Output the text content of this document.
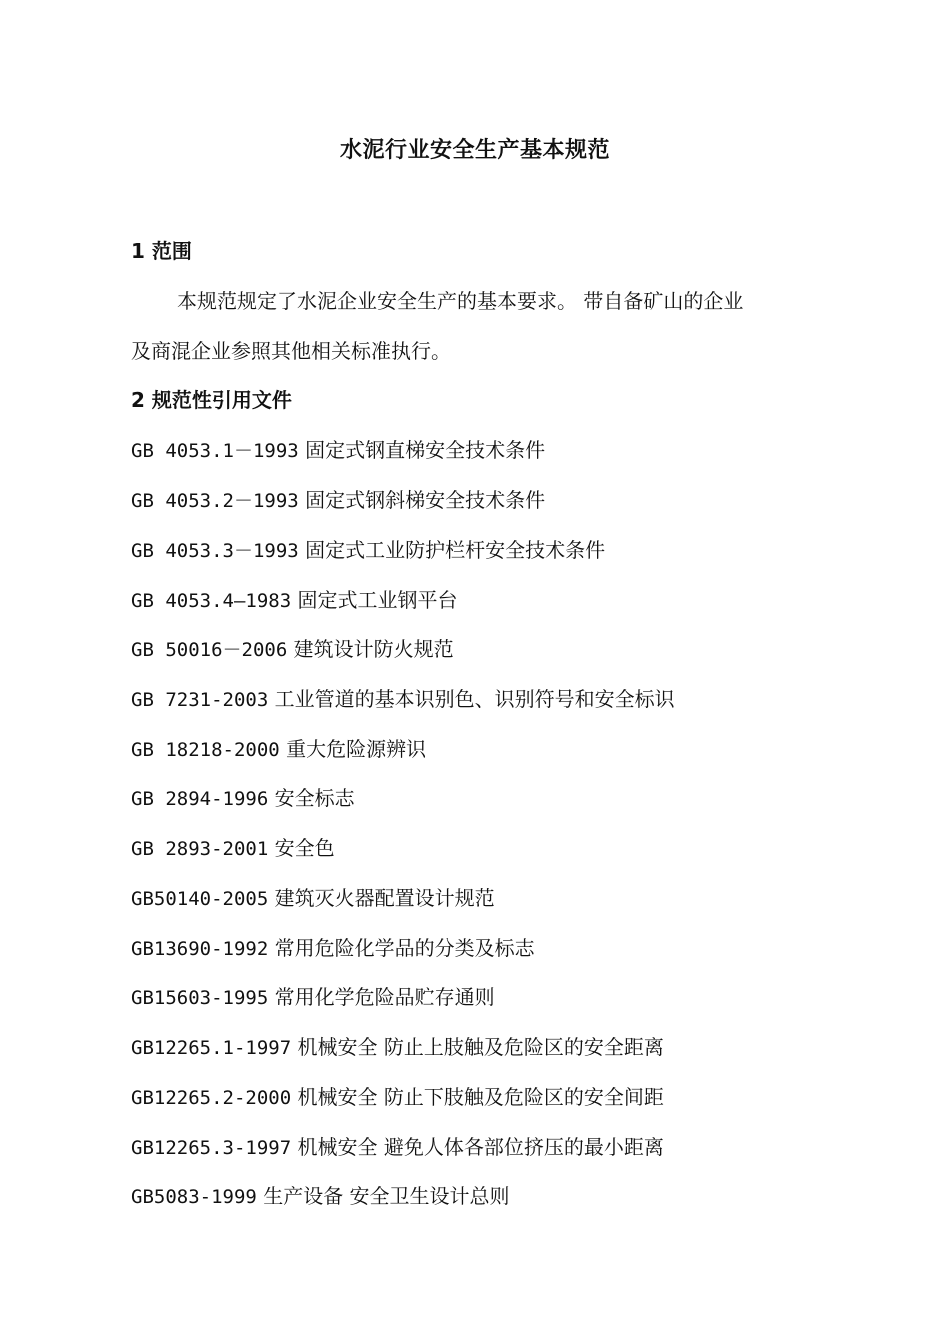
水泥行业安全生产基本规范
1 范围
本规范规定了水泥企业安全生产的基本要求。 带自备矿山的企业
及商混企业参照其他相关标准执行。
2 规范性引用文件
GB 4053.1－1993 固定式钢直梯安全技术条件
GB 4053.2－1993 固定式钢斜梯安全技术条件
GB 4053.3－1993 固定式工业防护栏杆安全技术条件
GB 4053.4—1983 固定式工业钢平台
GB 50016－2006 建筑设计防火规范
GB 7231-2003 工业管道的基本识别色、识别符号和安全标识
GB 18218-2000 重大危险源辨识
GB 2894-1996 安全标志
GB 2893-2001 安全色
GB50140-2005 建筑灭火器配置设计规范
GB13690-1992 常用危险化学品的分类及标志
GB15603-1995 常用化学危险品贮存通则
GB12265.1-1997 机械安全 防止上肢触及危险区的安全距离
GB12265.2-2000 机械安全 防止下肢触及危险区的安全间距
GB12265.3-1997 机械安全 避免人体各部位挤压的最小距离
GB5083-1999 生产设备 安全卫生设计总则
